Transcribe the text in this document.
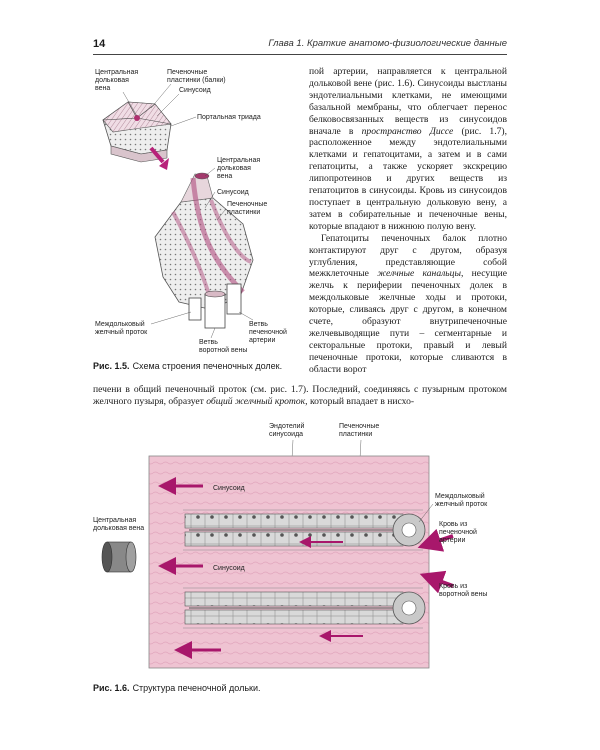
14	Глава 1. Краткие анатомо-физиологические данные
Центральная
дольковая
вена
Печеночные
пластинки (балки)
Синусоид
Портальная триада
Центральная
дольковая
вена
Синусоид
Печеночные
пластинки
Междольковый
желчный проток
Ветвь
воротной вены
Ветвь
печеночной
артерии
Рис. 1.5. Схема строения печеночных долек.

пой артерии, направляется к центральной дольковой вене (рис. 1.6). Синусоиды выстланы эндотелиальными клетками, не имеющими базальной мембраны, что облегчает перенос белковосвязанных веществ из синусоидов вначале в пространство Диссе (рис. 1.7), расположенное между эндотелиальными клетками и гепатоцитами, а затем и в сами гепатоциты, а также ускоряет экскрецию липопротеинов и других веществ из гепатоцитов в синусоиды. Кровь из синусоидов поступает в центральную дольковую вену, а затем в собирательные и печеночные вены, которые впадают в нижнюю полую вену.

Гепатоциты печеночных балок плотно контактируют друг с другом, образуя углубления, представляющие собой межклеточные желчные канальцы, несущие желчь к периферии печеночных долек в междольковые желчные ходы и протоки, которые, сливаясь друг с другом, в конечном счете, образуют внутрипеченочные желчевыводящие пути – сегментарные и секторальные протоки, правый и левый печеночные протоки, которые сливаются в области ворот

печени в общий печеночный проток (см. рис. 1.7). Последний, соединяясь с пузырным протоком желчного пузыря, образует общий желчный кроток, который впадает в нисхо-

Эндотелий
синусоида
Печеночные
пластинки
Синусоид
Синусоид
Центральная
дольковая вена
Междольковый
желчный проток
Кровь из
печеночной
артерии
Кровь из
воротной вены
Рис. 1.6. Структура печеночной дольки.
